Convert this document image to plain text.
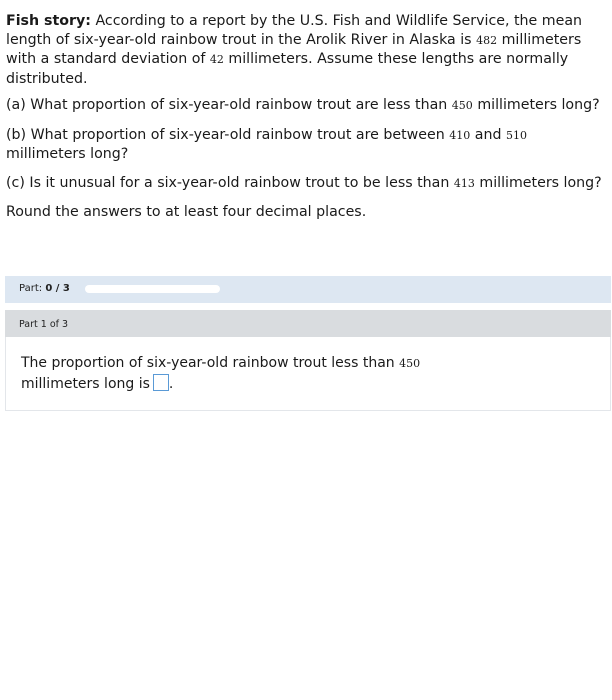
Fish story: According to a report by the U.S. Fish and Wildlife Service, the mean length of six-year-old rainbow trout in the Arolik River in Alaska is 482 millimeters with a standard deviation of 42 millimeters. Assume these lengths are normally distributed.

(a) What proportion of six-year-old rainbow trout are less than 450 millimeters long?

(b) What proportion of six-year-old rainbow trout are between 410 and 510 millimeters long?

(c) Is it unusual for a six-year-old rainbow trout to be less than 413 millimeters long?

Round the answers to at least four decimal places.

Part: 0 / 3
Part 1 of 3
The proportion of six-year-old rainbow trout less than 450 millimeters long is .
